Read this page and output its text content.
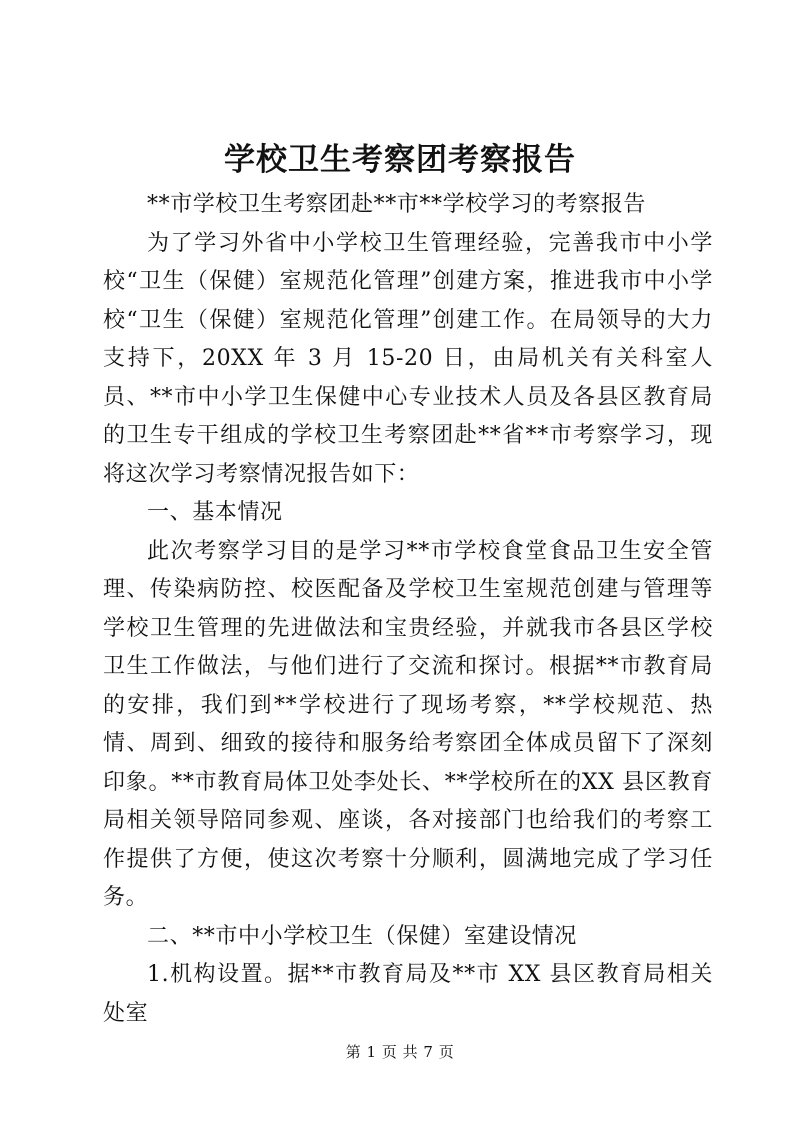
学校卫生考察团考察报告

**市学校卫生考察团赴**市**学校学习的考察报告

为了学习外省中小学校卫生管理经验，完善我市中小学校“卫生（保健）室规范化管理”创建方案，推进我市中小学校“卫生（保健）室规范化管理”创建工作。在局领导的大力支持下，20XX 年 3 月 15-20 日，由局机关有关科室人员、**市中小学卫生保健中心专业技术人员及各县区教育局的卫生专干组成的学校卫生考察团赴**省**市考察学习，现将这次学习考察情况报告如下：

一、基本情况

此次考察学习目的是学习**市学校食堂食品卫生安全管理、传染病防控、校医配备及学校卫生室规范创建与管理等学校卫生管理的先进做法和宝贵经验，并就我市各县区学校卫生工作做法，与他们进行了交流和探讨。根据**市教育局的安排，我们到**学校进行了现场考察，**学校规范、热情、周到、细致的接待和服务给考察团全体成员留下了深刻印象。**市教育局体卫处李处长、**学校所在的XX 县区教育局相关领导陪同参观、座谈，各对接部门也给我们的考察工作提供了方便，使这次考察十分顺利，圆满地完成了学习任务。

二、**市中小学校卫生（保健）室建设情况

1.机构设置。据**市教育局及**市 XX 县区教育局相关处室

第 1 页 共 7 页
